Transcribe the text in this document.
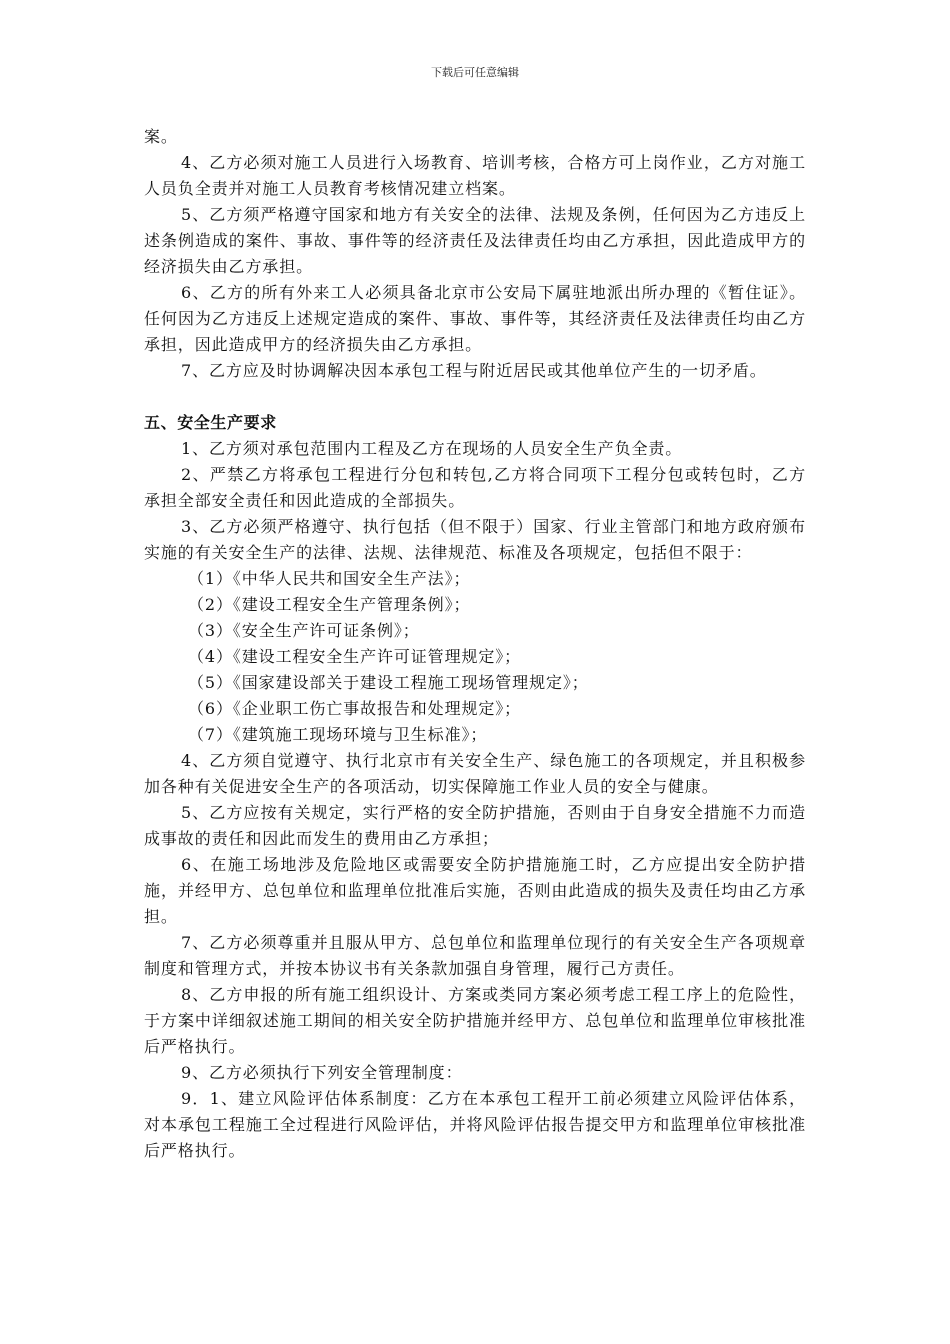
下载后可任意编辑

案。

4、乙方必须对施工人员进行入场教育、培训考核，合格方可上岗作业，乙方对施工人员负全责并对施工人员教育考核情况建立档案。

5、乙方须严格遵守国家和地方有关安全的法律、法规及条例，任何因为乙方违反上述条例造成的案件、事故、事件等的经济责任及法律责任均由乙方承担，因此造成甲方的经济损失由乙方承担。

6、乙方的所有外来工人必须具备北京市公安局下属驻地派出所办理的《暂住证》。任何因为乙方违反上述规定造成的案件、事故、事件等，其经济责任及法律责任均由乙方承担，因此造成甲方的经济损失由乙方承担。

7、乙方应及时协调解决因本承包工程与附近居民或其他单位产生的一切矛盾。

五、安全生产要求

1、乙方须对承包范围内工程及乙方在现场的人员安全生产负全责。

2、严禁乙方将承包工程进行分包和转包,乙方将合同项下工程分包或转包时，乙方承担全部安全责任和因此造成的全部损失。

3、乙方必须严格遵守、执行包括（但不限于）国家、行业主管部门和地方政府颁布实施的有关安全生产的法律、法规、法律规范、标准及各项规定，包括但不限于：

（1）《中华人民共和国安全生产法》；

（2）《建设工程安全生产管理条例》；

（3）《安全生产许可证条例》；

（4）《建设工程安全生产许可证管理规定》；

（5）《国家建设部关于建设工程施工现场管理规定》；

（6）《企业职工伤亡事故报告和处理规定》；

（7）《建筑施工现场环境与卫生标准》；

4、乙方须自觉遵守、执行北京市有关安全生产、绿色施工的各项规定，并且积极参加各种有关促进安全生产的各项活动，切实保障施工作业人员的安全与健康。

5、乙方应按有关规定，实行严格的安全防护措施，否则由于自身安全措施不力而造成事故的责任和因此而发生的费用由乙方承担；

6、在施工场地涉及危险地区或需要安全防护措施施工时，乙方应提出安全防护措施，并经甲方、总包单位和监理单位批准后实施，否则由此造成的损失及责任均由乙方承担。

7、乙方必须尊重并且服从甲方、总包单位和监理单位现行的有关安全生产各项规章制度和管理方式，并按本协议书有关条款加强自身管理，履行己方责任。

8、乙方申报的所有施工组织设计、方案或类同方案必须考虑工程工序上的危险性，于方案中详细叙述施工期间的相关安全防护措施并经甲方、总包单位和监理单位审核批准后严格执行。

9、乙方必须执行下列安全管理制度：

9．1、建立风险评估体系制度：乙方在本承包工程开工前必须建立风险评估体系，对本承包工程施工全过程进行风险评估，并将风险评估报告提交甲方和监理单位审核批准后严格执行。
